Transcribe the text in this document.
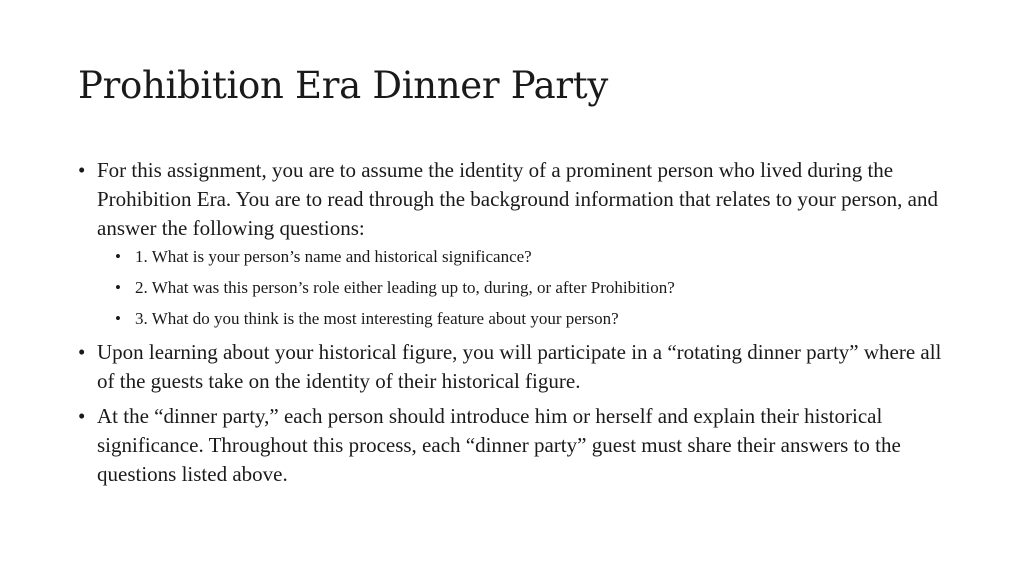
Prohibition Era Dinner Party
• For this assignment, you are to assume the identity of a prominent person who lived during the Prohibition Era. You are to read through the background information that relates to your person, and answer the following questions:
• 1. What is your person’s name and historical significance?
• 2. What was this person’s role either leading up to, during, or after Prohibition?
• 3. What do you think is the most interesting feature about your person?
• Upon learning about your historical figure, you will participate in a “rotating dinner party” where all of the guests take on the identity of their historical figure.
• At the “dinner party,” each person should introduce him or herself and explain their historical significance. Throughout this process, each “dinner party” guest must share their answers to the questions listed above.
